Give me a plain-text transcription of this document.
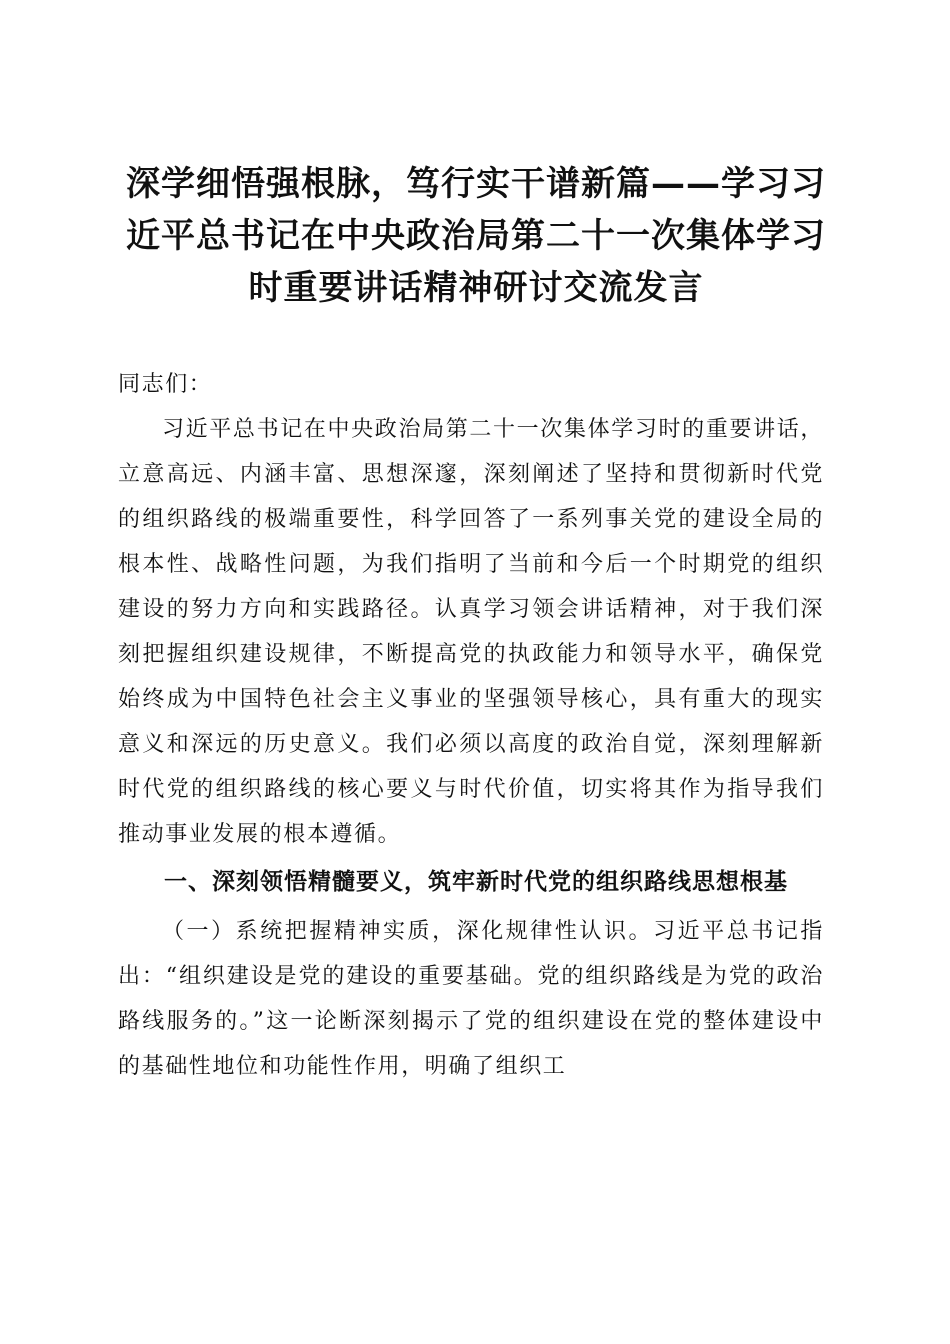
深学细悟强根脉，笃行实干谱新篇——学习习近平总书记在中央政治局第二十一次集体学习时重要讲话精神研讨交流发言

同志们：

习近平总书记在中央政治局第二十一次集体学习时的重要讲话，立意高远、内涵丰富、思想深邃，深刻阐述了坚持和贯彻新时代党的组织路线的极端重要性，科学回答了一系列事关党的建设全局的根本性、战略性问题，为我们指明了当前和今后一个时期党的组织建设的努力方向和实践路径。认真学习领会讲话精神，对于我们深刻把握组织建设规律，不断提高党的执政能力和领导水平，确保党始终成为中国特色社会主义事业的坚强领导核心，具有重大的现实意义和深远的历史意义。我们必须以高度的政治自觉，深刻理解新时代党的组织路线的核心要义与时代价值，切实将其作为指导我们推动事业发展的根本遵循。

一、深刻领悟精髓要义，筑牢新时代党的组织路线思想根基

（一）系统把握精神实质，深化规律性认识。习近平总书记指出：“组织建设是党的建设的重要基础。党的组织路线是为党的政治路线服务的。”这一论断深刻揭示了党的组织建设在党的整体建设中的基础性地位和功能性作用，明确了组织工
